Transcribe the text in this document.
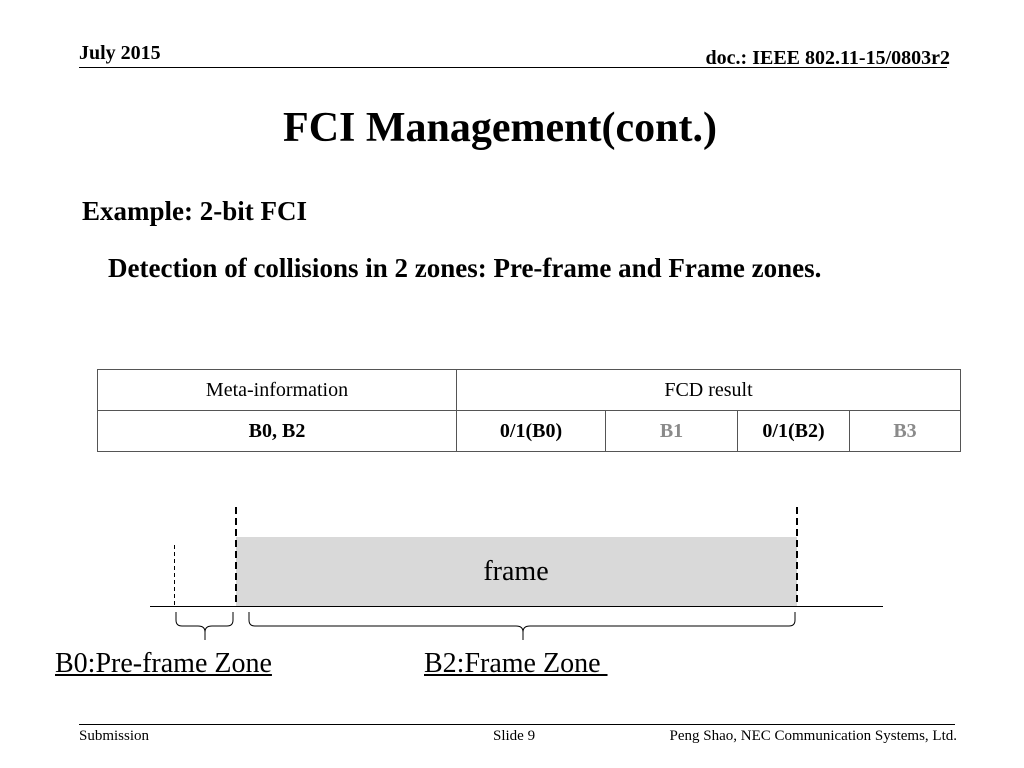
July 2015	doc.: IEEE 802.11-15/0803r2
FCI Management(cont.)
Example: 2-bit FCI
Detection of collisions in 2 zones: Pre-frame and Frame zones.
Meta-information	FCD result			
B0, B2	0/1(B0)	B1	0/1(B2)	B3
frame
B0:Pre-frame Zone	B2:Frame Zone
Submission	Slide 9	Peng Shao, NEC Communication Systems, Ltd.
